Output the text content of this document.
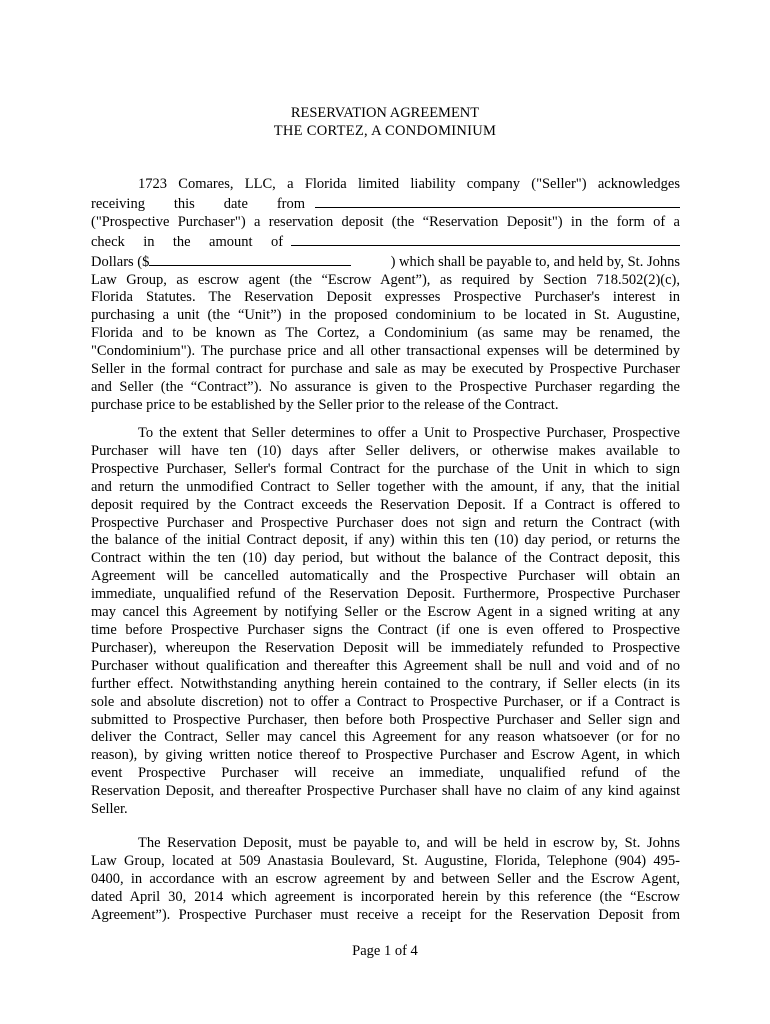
RESERVATION AGREEMENT
THE CORTEZ, A CONDOMINIUM
1723 Comares, LLC, a Florida limited liability company ("Seller") acknowledges
receiving this date from
("Prospective Purchaser") a reservation deposit (the “Reservation Deposit") in the form of a
check in the amount of
Dollars ($	) which shall be payable to, and held by, St. Johns
Law Group, as escrow agent (the “Escrow Agent”), as required by Section 718.502(2)(c),
Florida Statutes. The Reservation Deposit expresses Prospective Purchaser's interest in
purchasing a unit (the “Unit”) in the proposed condominium to be located in St. Augustine,
Florida and to be known as The Cortez, a Condominium (as same may be renamed, the
"Condominium"). The purchase price and all other transactional expenses will be determined by
Seller in the formal contract for purchase and sale as may be executed by Prospective Purchaser
and Seller (the “Contract”). No assurance is given to the Prospective Purchaser regarding the
purchase price to be established by the Seller prior to the release of the Contract.
To the extent that Seller determines to offer a Unit to Prospective Purchaser, Prospective
Purchaser will have ten (10) days after Seller delivers, or otherwise makes available to
Prospective Purchaser, Seller's formal Contract for the purchase of the Unit in which to sign
and return the unmodified Contract to Seller together with the amount, if any, that the initial
deposit required by the Contract exceeds the Reservation Deposit. If a Contract is offered to
Prospective Purchaser and Prospective Purchaser does not sign and return the Contract (with
the balance of the initial Contract deposit, if any) within this ten (10) day period, or returns the
Contract within the ten (10) day period, but without the balance of the Contract deposit, this
Agreement will be cancelled automatically and the Prospective Purchaser will obtain an
immediate, unqualified refund of the Reservation Deposit. Furthermore, Prospective Purchaser
may cancel this Agreement by notifying Seller or the Escrow Agent in a signed writing at any
time before Prospective Purchaser signs the Contract (if one is even offered to Prospective
Purchaser), whereupon the Reservation Deposit will be immediately refunded to Prospective
Purchaser without qualification and thereafter this Agreement shall be null and void and of no
further effect. Notwithstanding anything herein contained to the contrary, if Seller elects (in its
sole and absolute discretion) not to offer a Contract to Prospective Purchaser, or if a Contract is
submitted to Prospective Purchaser, then before both Prospective Purchaser and Seller sign and
deliver the Contract, Seller may cancel this Agreement for any reason whatsoever (or for no
reason), by giving written notice thereof to Prospective Purchaser and Escrow Agent, in which
event Prospective Purchaser will receive an immediate, unqualified refund of the
Reservation Deposit, and thereafter Prospective Purchaser shall have no claim of any kind against
Seller.
The Reservation Deposit, must be payable to, and will be held in escrow by, St. Johns
Law Group, located at 509 Anastasia Boulevard, St. Augustine, Florida, Telephone (904) 495-
0400, in accordance with an escrow agreement by and between Seller and the Escrow Agent,
dated April 30, 2014 which agreement is incorporated herein by this reference (the “Escrow
Agreement”). Prospective Purchaser must receive a receipt for the Reservation Deposit from
Page 1 of 4
